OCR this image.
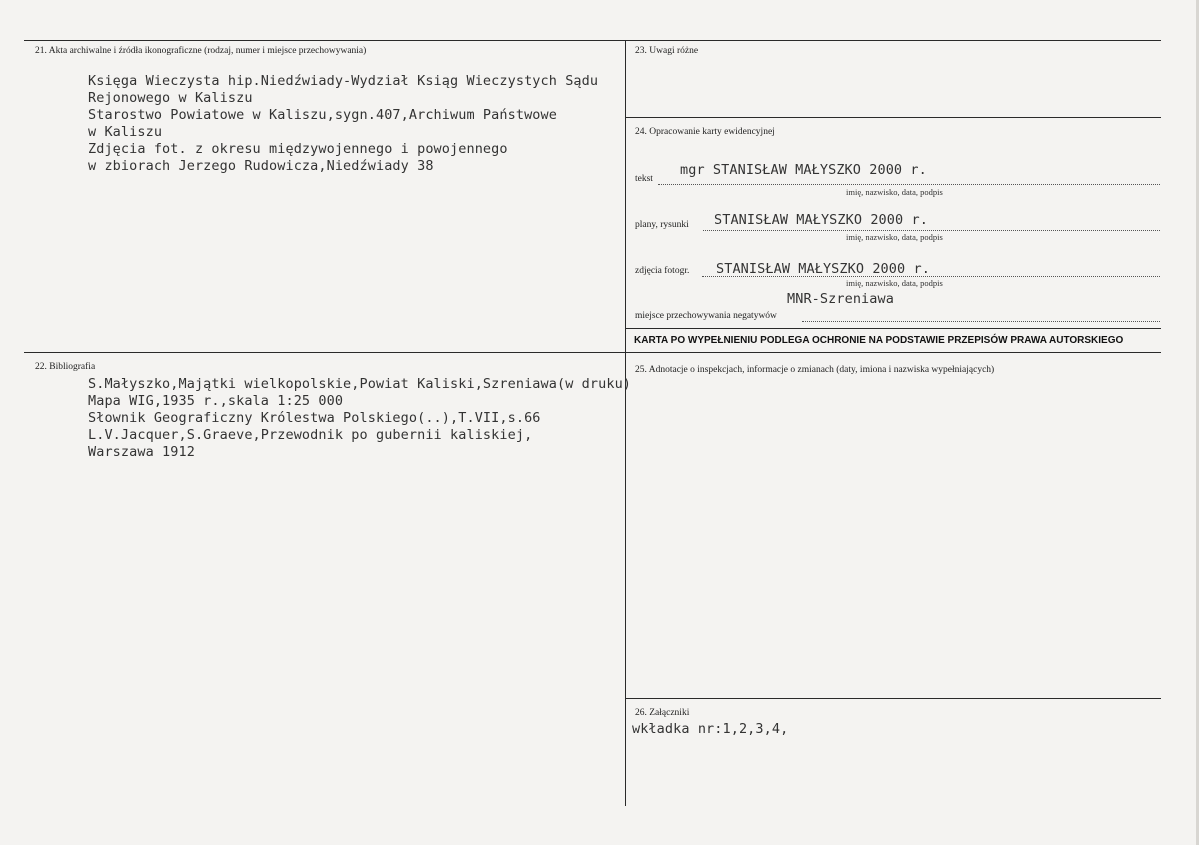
21. Akta archiwalne i źródła ikonograficzne (rodzaj, numer i miejsce przechowywania)
Księga Wieczysta hip.Niedźwiady-Wydział Ksiąg Wieczystych Sądu
Rejonowego w Kaliszu
Starostwo Powiatowe w Kaliszu,sygn.407,Archiwum Państwowe
w Kaliszu
Zdjęcia fot. z okresu międzywojennego i powojennego
w zbiorach Jerzego Rudowicza,Niedźwiady 38
22. Bibliografia
S.Małyszko,Majątki wielkopolskie,Powiat Kaliski,Szreniawa(w druku)
Mapa WIG,1935 r.,skala 1:25 000
Słownik Geograficzny Królestwa Polskiego(..),T.VII,s.66
L.V.Jacquer,S.Graeve,Przewodnik po gubernii kaliskiej,
Warszawa 1912
23. Uwagi różne
24. Opracowanie karty ewidencyjnej
tekst
mgr STANISŁAW MAŁYSZKO 2000 r.
imię, nazwisko, data, podpis
plany, rysunki STANISŁAW MAŁYSZKO 2000 r.
imię, nazwisko, data, podpis
zdjęcia fotogr. STANISŁAW MAŁYSZKO 2000 r.
imię, nazwisko, data, podpis
MNR-Szreniawa
miejsce przechowywania negatywów
KARTA PO WYPEŁNIENIU PODLEGA OCHRONIE NA PODSTAWIE PRZEPISÓW PRAWA AUTORSKIEGO
25. Adnotacje o inspekcjach, informacje o zmianach (daty, imiona i nazwiska wypełniających)
26. Załączniki
wkładka nr:1,2,3,4,
